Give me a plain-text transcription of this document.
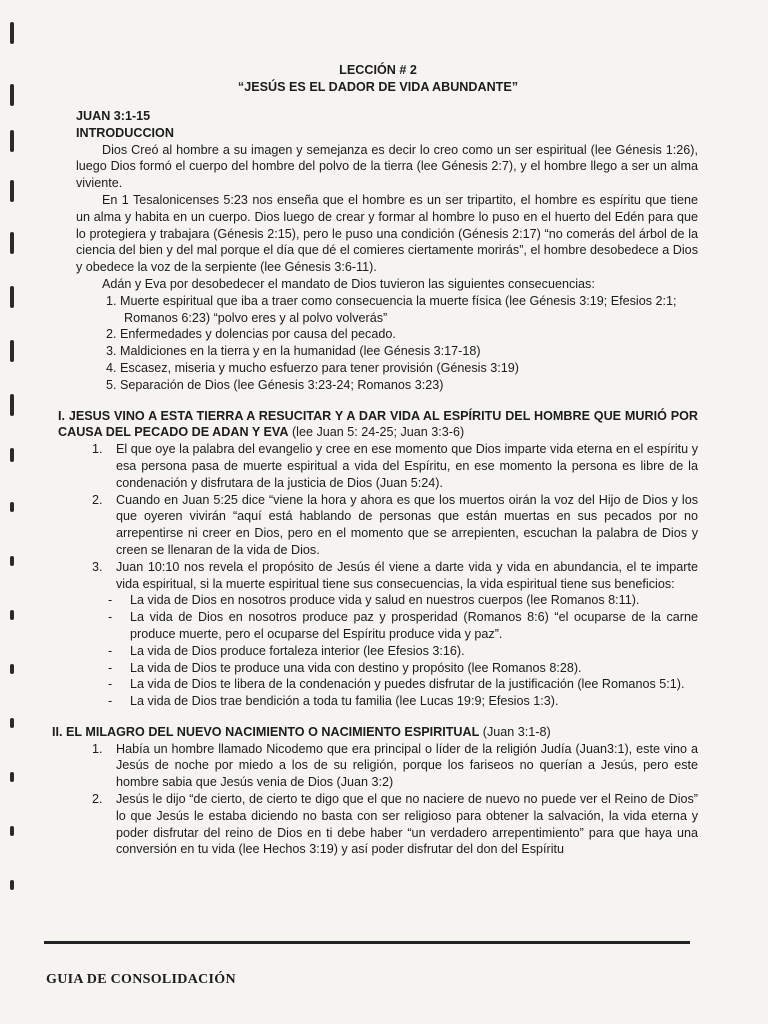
LECCIÓN # 2
“JESÚS ES EL DADOR DE VIDA ABUNDANTE”
JUAN 3:1-15
INTRODUCCION

Dios Creó al hombre a su imagen y semejanza es decir lo creo como un ser espiritual (lee Génesis 1:26), luego Dios formó el cuerpo del hombre del polvo de la tierra (lee Génesis 2:7), y el hombre llego a ser un alma viviente.

En 1 Tesalonicenses 5:23 nos enseña que el hombre es un ser tripartito, el hombre es espíritu que tiene un alma y habita en un cuerpo. Dios luego de crear y formar al hombre lo puso en el huerto del Edén para que lo protegiera y trabajara (Génesis 2:15), pero le puso una condición (Génesis 2:17) “no comerás del árbol de la ciencia del bien y del mal porque el día que dé el comieres ciertamente morirás”, el hombre desobedece a Dios y obedece la voz de la serpiente (lee Génesis 3:6-11).

Adán y Eva por desobedecer el mandato de Dios tuvieron las siguientes consecuencias:

1. Muerte espiritual que iba a traer como consecuencia la muerte física (lee Génesis 3:19; Efesios 2:1; Romanos 6:23) “polvo eres y al polvo volverás”
2. Enfermedades y dolencias por causa del pecado.
3. Maldiciones en la tierra y en la humanidad (lee Génesis 3:17-18)
4. Escasez, miseria y mucho esfuerzo para tener provisión (Génesis 3:19)
5. Separación de Dios (lee Génesis 3:23-24; Romanos 3:23)

I. JESUS VINO A ESTA TIERRA A RESUCITAR Y A DAR VIDA AL ESPÍRITU DEL HOMBRE QUE MURIÓ POR CAUSA DEL PECADO DE ADAN Y EVA (lee Juan 5: 24-25; Juan 3:3-6)

1. El que oye la palabra del evangelio y cree en ese momento que Dios imparte vida eterna en el espíritu y esa persona pasa de muerte espiritual a vida del Espíritu, en ese momento la persona es libre de la condenación y disfrutara de la justicia de Dios (Juan 5:24).
2. Cuando en Juan 5:25 dice “viene la hora y ahora es que los muertos oirán la voz del Hijo de Dios y los que oyeren vivirán “aquí está hablando de personas que están muertas en sus pecados por no arrepentirse ni creer en Dios, pero en el momento que se arrepienten, escuchan la palabra de Dios y creen se llenaran de la vida de Dios.
3. Juan 10:10 nos revela el propósito de Jesús él viene a darte vida y vida en abundancia, el te imparte vida espiritual, si la muerte espiritual tiene sus consecuencias, la vida espiritual tiene sus beneficios:
- La vida de Dios en nosotros produce vida y salud en nuestros cuerpos (lee Romanos 8:11).
- La vida de Dios en nosotros produce paz y prosperidad (Romanos 8:6) “el ocuparse de la carne produce muerte, pero el ocuparse del Espíritu produce vida y paz”.
- La vida de Dios produce fortaleza interior (lee Efesios 3:16).
- La vida de Dios te produce una vida con destino y propósito (lee Romanos 8:28).
- La vida de Dios te libera de la condenación y puedes disfrutar de la justificación (lee Romanos 5:1).
- La vida de Dios trae bendición a toda tu familia (lee Lucas 19:9; Efesios 1:3).

II. EL MILAGRO DEL NUEVO NACIMIENTO O NACIMIENTO ESPIRITUAL (Juan 3:1-8)

1. Había un hombre llamado Nicodemo que era principal o líder de la religión Judía (Juan3:1), este vino a Jesús de noche por miedo a los de su religión, porque los fariseos no querían a Jesús, pero este hombre sabia que Jesús venia de Dios (Juan 3:2)
2. Jesús le dijo “de cierto, de cierto te digo que el que no naciere de nuevo no puede ver el Reino de Dios” lo que Jesús le estaba diciendo no basta con ser religioso para obtener la salvación, la vida eterna y poder disfrutar del reino de Dios en ti debe haber “un verdadero arrepentimiento” para que haya una conversión en tu vida (lee Hechos 3:19) y así poder disfrutar del don del Espíritu
GUIA DE CONSOLIDACIÓN
